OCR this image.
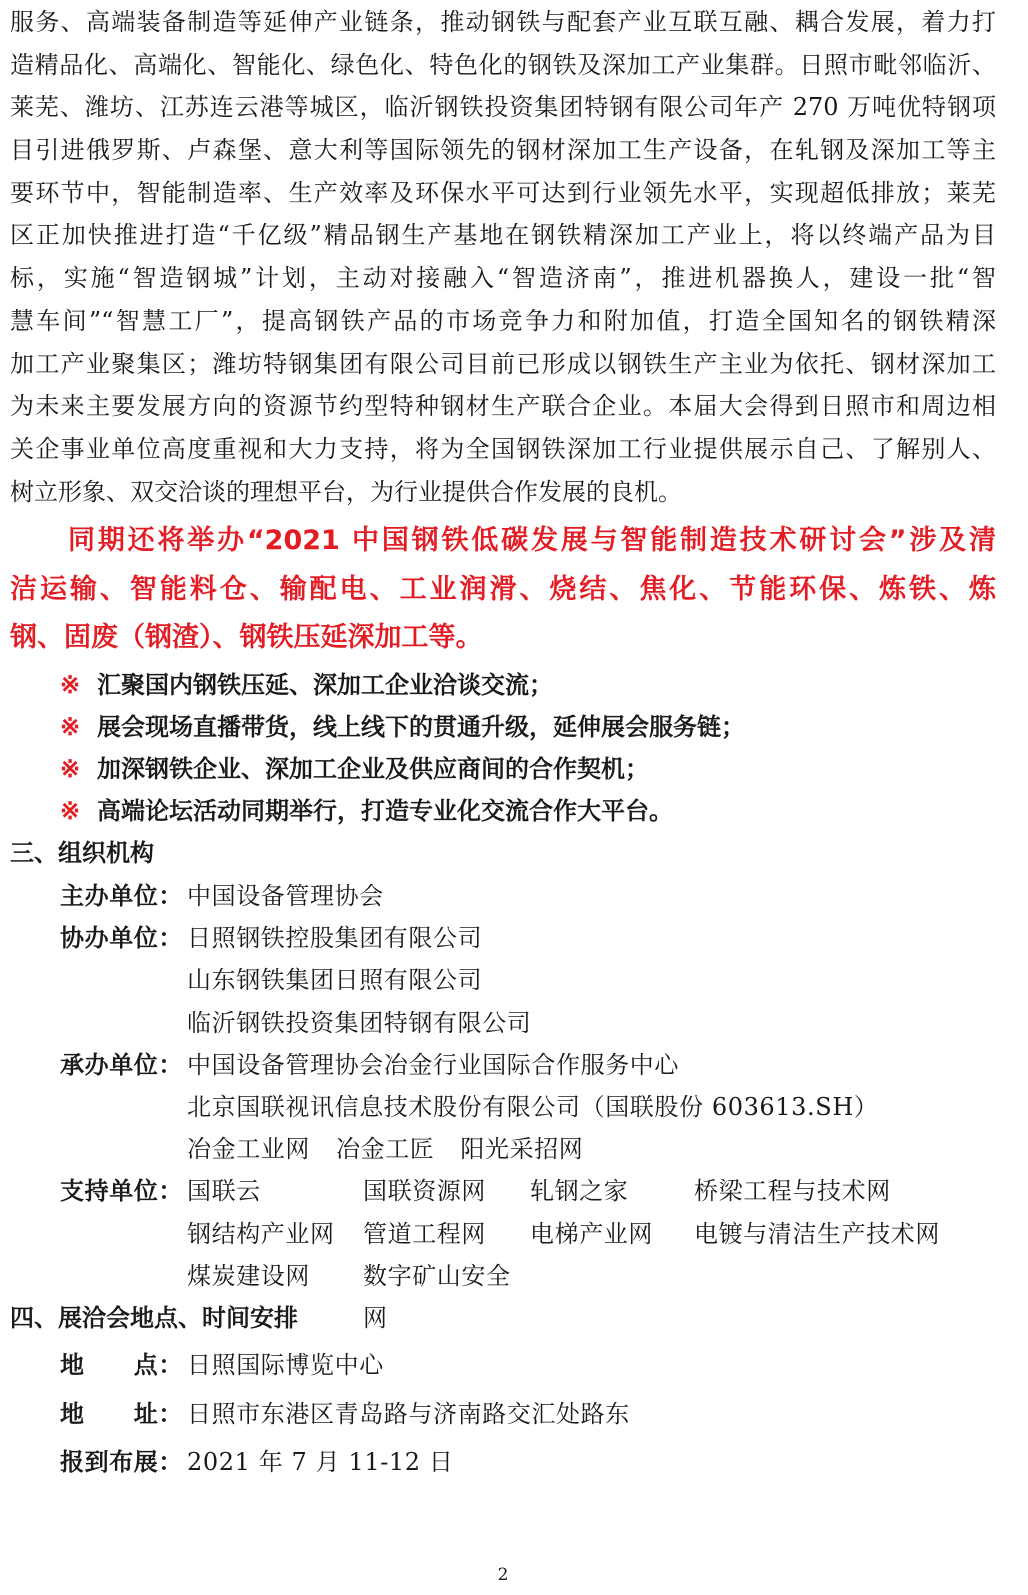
服务、高端装备制造等延伸产业链条，推动钢铁与配套产业互联互融、耦合发展，着力打
造精品化、高端化、智能化、绿色化、特色化的钢铁及深加工产业集群。日照市毗邻临沂、
莱芜、潍坊、江苏连云港等城区，临沂钢铁投资集团特钢有限公司年产 270 万吨优特钢项
目引进俄罗斯、卢森堡、意大利等国际领先的钢材深加工生产设备，在轧钢及深加工等主
要环节中，智能制造率、生产效率及环保水平可达到行业领先水平，实现超低排放；莱芜
区正加快推进打造“千亿级”精品钢生产基地在钢铁精深加工产业上，将以终端产品为目
标，实施“智造钢城”计划，主动对接融入“智造济南”，推进机器换人，建设一批“智
慧车间”“智慧工厂”，提高钢铁产品的市场竞争力和附加值，打造全国知名的钢铁精深
加工产业聚集区；潍坊特钢集团有限公司目前已形成以钢铁生产主业为依托、钢材深加工
为未来主要发展方向的资源节约型特种钢材生产联合企业。本届大会得到日照市和周边相
关企事业单位高度重视和大力支持，将为全国钢铁深加工行业提供展示自己、了解别人、
树立形象、双交洽谈的理想平台，为行业提供合作发展的良机。
同期还将举办“2021 中国钢铁低碳发展与智能制造技术研讨会”涉及清
洁运输、智能料仓、输配电、工业润滑、烧结、焦化、节能环保、炼铁、炼
钢、固废（钢渣）、钢铁压延深加工等。
※ 汇聚国内钢铁压延、深加工企业洽谈交流；
※ 展会现场直播带货，线上线下的贯通升级，延伸展会服务链；
※ 加深钢铁企业、深加工企业及供应商间的合作契机；
※ 高端论坛活动同期举行，打造专业化交流合作大平台。
三、组织机构
主办单位： 中国设备管理协会
协办单位： 日照钢铁控股集团有限公司
山东钢铁集团日照有限公司
临沂钢铁投资集团特钢有限公司
承办单位： 中国设备管理协会冶金行业国际合作服务中心
北京国联视讯信息技术股份有限公司（国联股份 603613.SH）
冶金工业网 冶金工匠 阳光采招网
支持单位： 国联云	国联资源网	轧钢之家	桥梁工程与技术网
钢结构产业网	管道工程网	电梯产业网	电镀与清洁生产技术网
煤炭建设网	数字矿山安全网
四、展洽会地点、时间安排
地　　点： 日照国际博览中心
地　　址： 日照市东港区青岛路与济南路交汇处路东
报到布展： 2021 年 7 月 11-12 日
2
